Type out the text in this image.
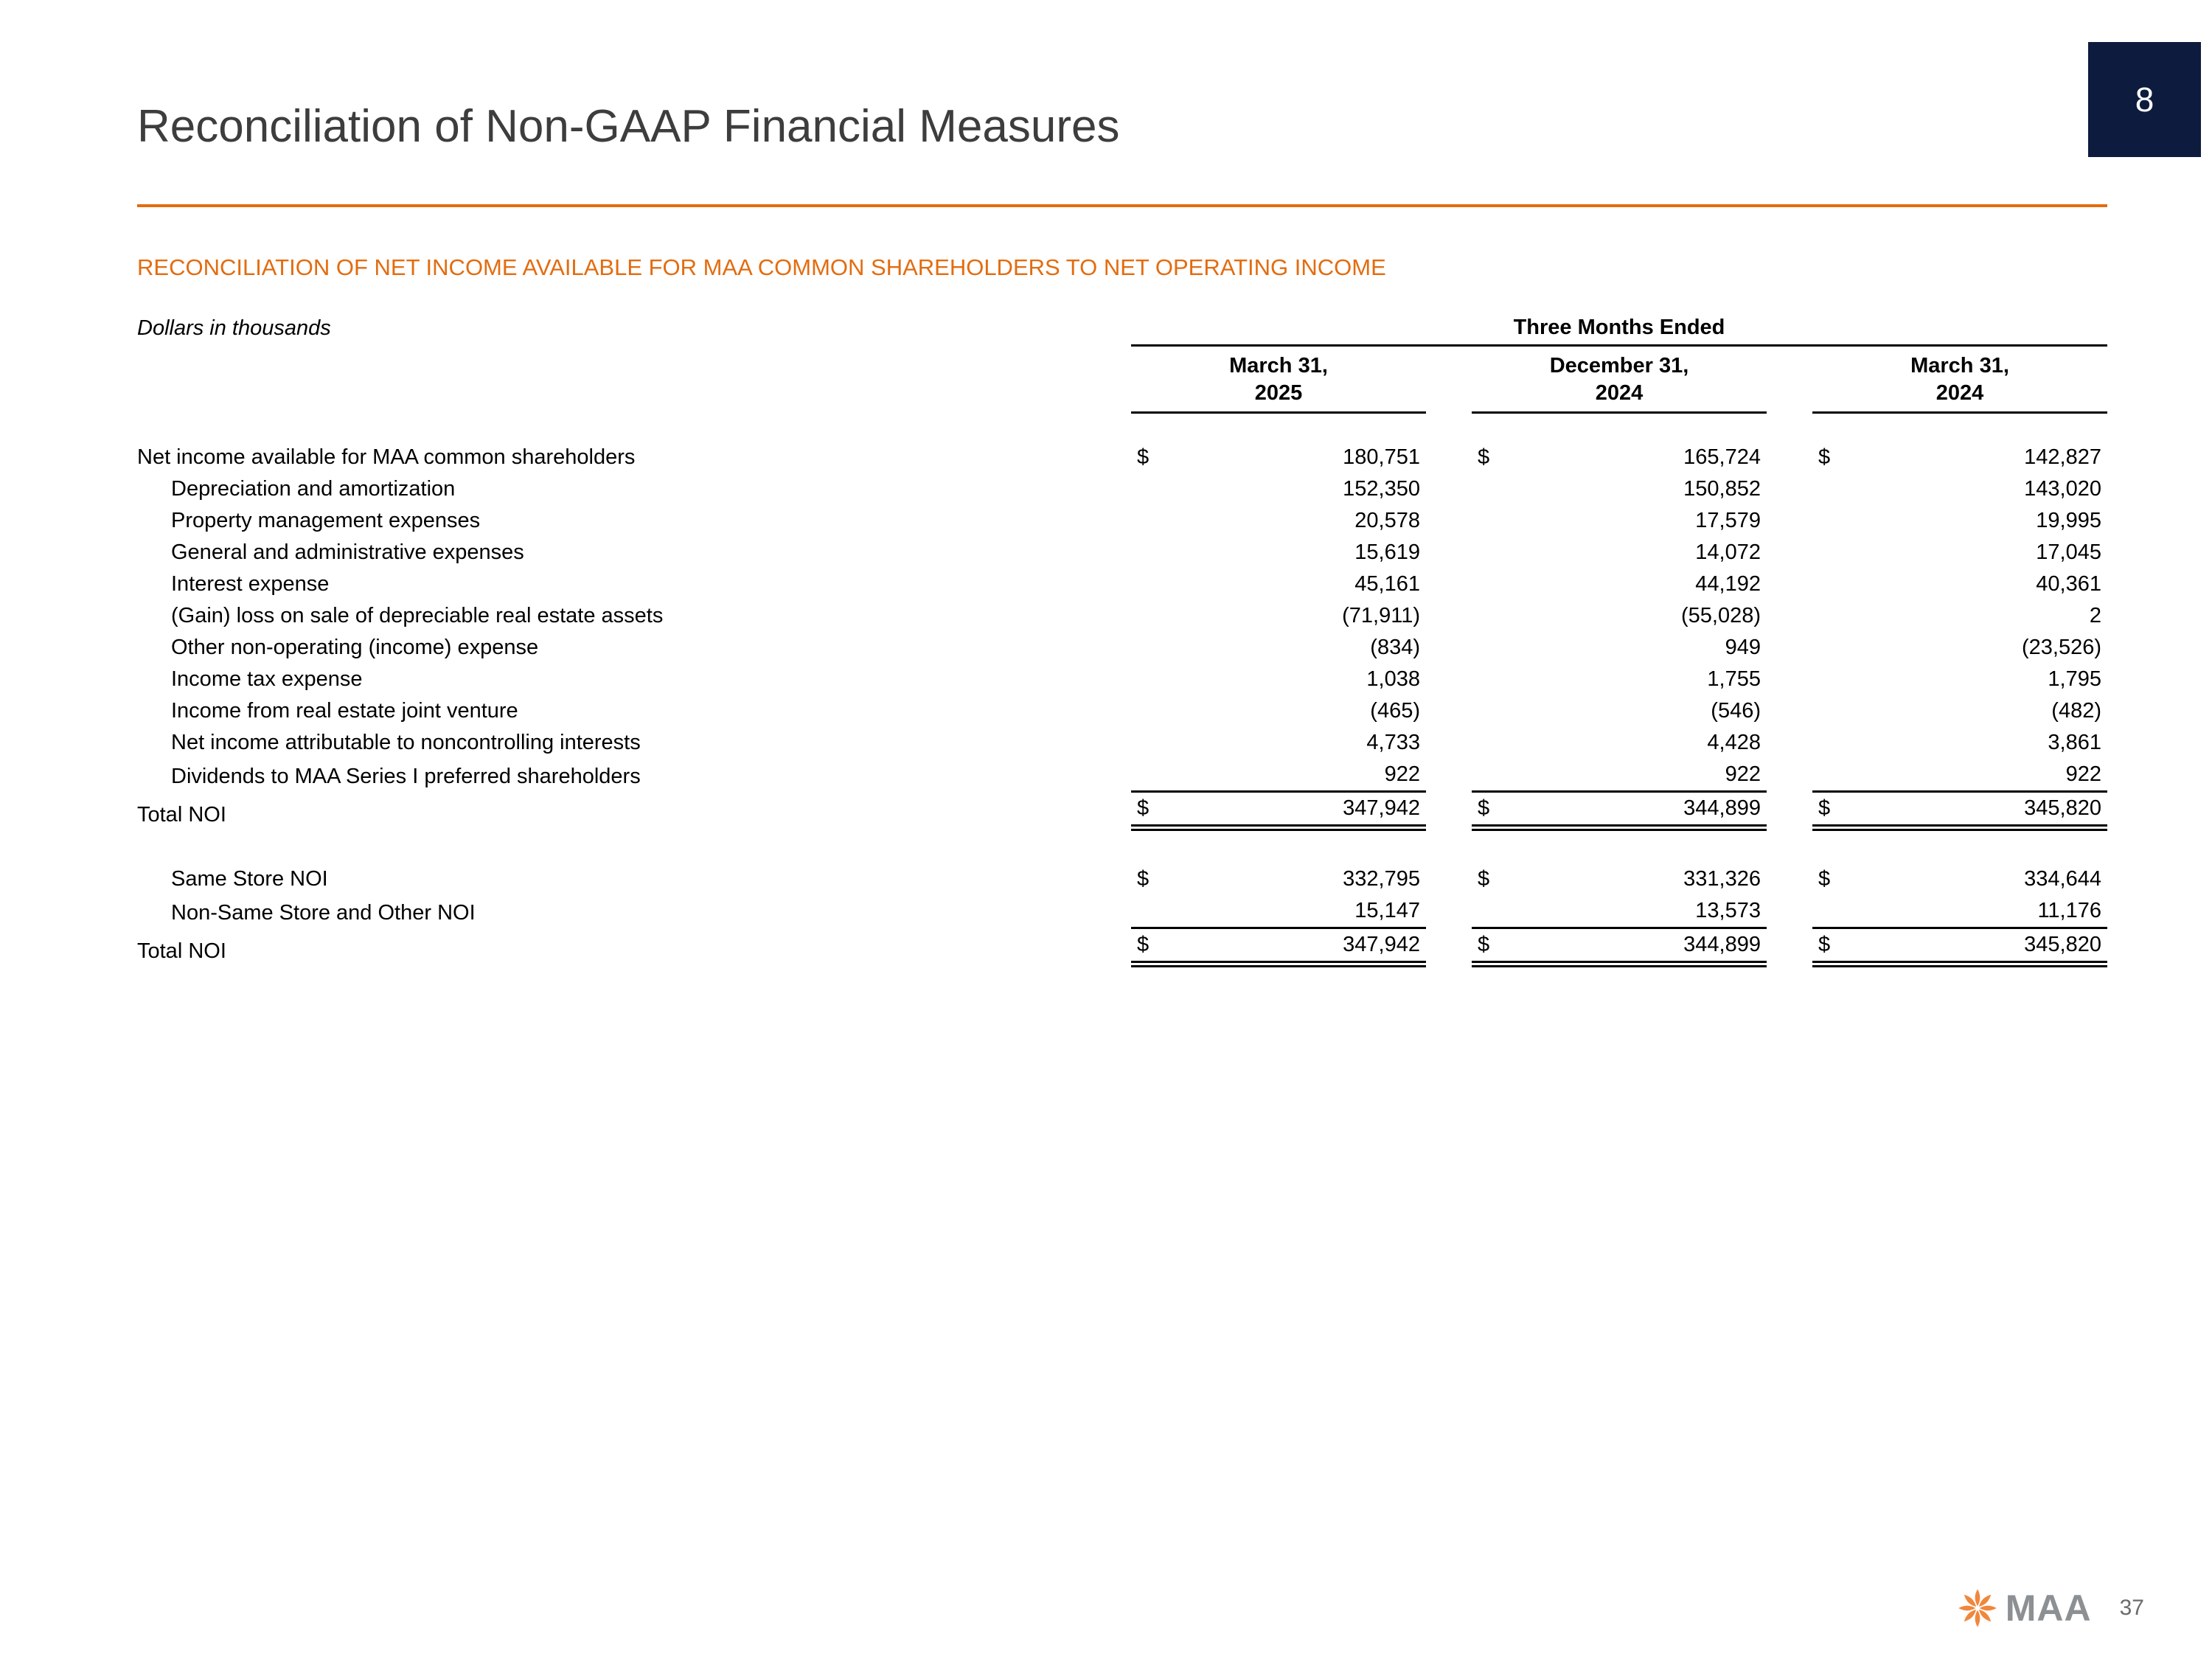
8
Reconciliation of Non-GAAP Financial Measures
RECONCILIATION OF NET INCOME AVAILABLE FOR MAA COMMON SHAREHOLDERS TO NET OPERATING INCOME
Dollars in thousands	Three Months Ended
March 31,
2025
December 31,
2024
March 31,
2024
Net income available for MAA common shareholders	$	180,751	$	165,724	$	142,827
Depreciation and amortization	152,350	150,852	143,020
Property management expenses	20,578	17,579	19,995
General and administrative expenses	15,619	14,072	17,045
Interest expense	45,161	44,192	40,361
(Gain) loss on sale of depreciable real estate assets	(71,911)	(55,028)	2
Other non-operating (income) expense	(834)	949	(23,526)
Income tax expense	1,038	1,755	1,795
Income from real estate joint venture	(465)	(546)	(482)
Net income attributable to noncontrolling interests	4,733	4,428	3,861
Dividends to MAA Series I preferred shareholders	922	922	922
Total NOI	$	347,942	$	344,899	$	345,820
Same Store NOI	$	332,795	$	331,326	$	334,644
Non-Same Store and Other NOI	15,147	13,573	11,176
Total NOI	$	347,942	$	344,899	$	345,820
MAA 37
